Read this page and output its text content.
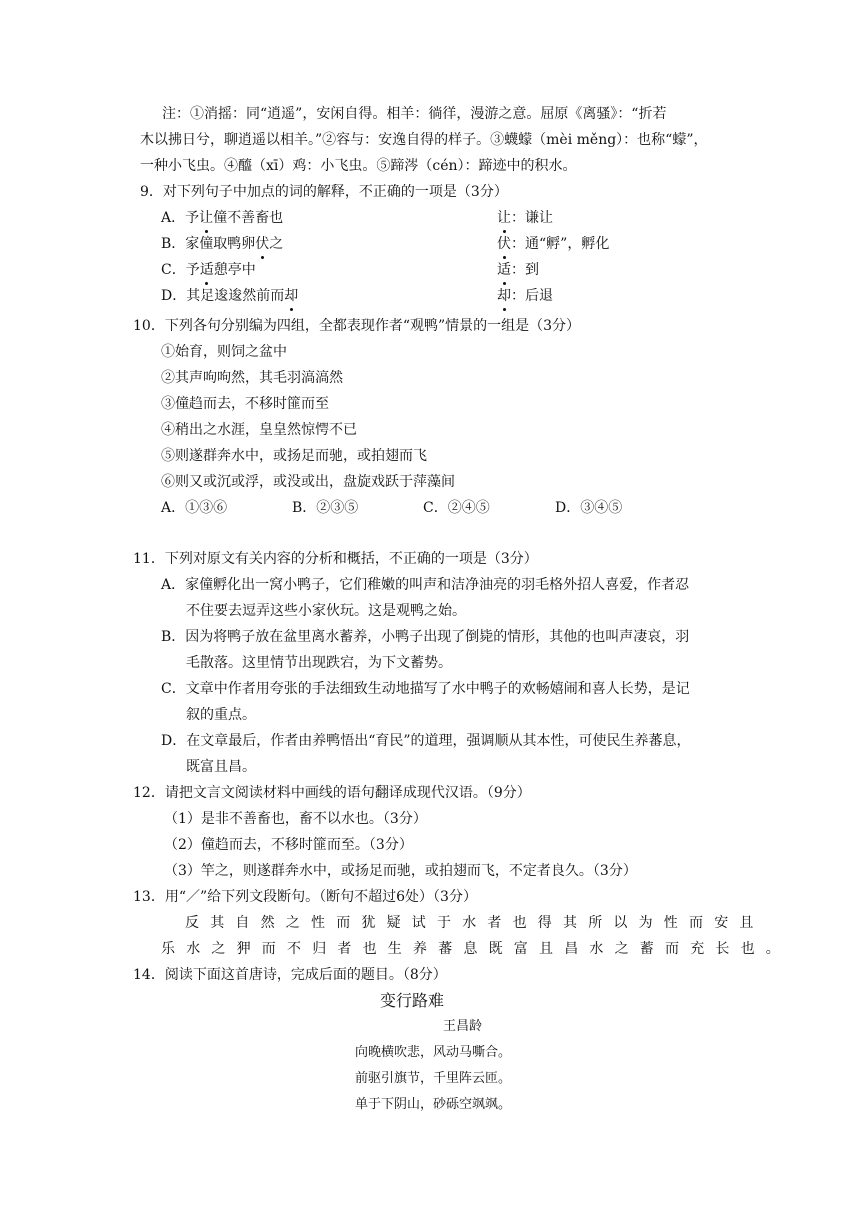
注：①消摇：同“逍遥”，安闲自得。相羊：徜徉，漫游之意。屈原《离骚》：“折若
木以拂日兮，聊逍遥以相羊。”②容与：安逸自得的样子。③蠛蠓（mèi měng）：也称“蠓”，
一种小飞虫。④醯（xī）鸡：小飞虫。⑤蹄涔（cén）：蹄迹中的积水。
9．对下列句子中加点的词的解释，不正确的一项是（3分）
A．予让僮不善畜也	让：谦让
B．家僮取鸭卵伏之	伏：通“孵”，孵化
C．予适憩亭中	适：到
D．其足逡逡然前而却	却：后退
10．下列各句分别编为四组，全都表现作者“观鸭”情景的一组是（3分）
①始育，则饲之盆中
②其声呴呴然，其毛羽滈滈然
③僮趋而去，不移时篚而至
④稍出之水涯，皇皇然惊愕不已
⑤则遂群奔水中，或扬足而驰，或拍翅而飞
⑥则又或沉或浮，或没或出，盘旋戏跃于萍藻间
A．①③⑥	B．②③⑤	C．②④⑤	D．③④⑤
11．下列对原文有关内容的分析和概括，不正确的一项是（3分）
A．家僮孵化出一窝小鸭子，它们稚嫩的叫声和洁净油亮的羽毛格外招人喜爱，作者忍
不住要去逗弄这些小家伙玩。这是观鸭之始。
B．因为将鸭子放在盆里离水蓄养，小鸭子出现了倒毙的情形，其他的也叫声凄哀，羽
毛散落。这里情节出现跌宕，为下文蓄势。
C．文章中作者用夸张的手法细致生动地描写了水中鸭子的欢畅嬉闹和喜人长势，是记
叙的重点。
D．在文章最后，作者由养鸭悟出“育民”的道理，强调顺从其本性，可使民生养蕃息，
既富且昌。
12．请把文言文阅读材料中画线的语句翻译成现代汉语。（9分）
（1）是非不善畜也，畜不以水也。（3分）
（2）僮趋而去，不移时篚而至。（3分）
（3）竿之，则遂群奔水中，或扬足而驰，或拍翅而飞，不定者良久。（3分）
13．用“／”给下列文段断句。（断句不超过6处）（3分）
反其自然之性而犹疑试于水者也得其所以为性而安且
乐水之狎而不归者也生养蕃息既富且昌水之蓄而充长也。
14．阅读下面这首唐诗，完成后面的题目。（8分）
变行路难
王昌龄
向晚横吹悲，风动马嘶合。
前驱引旗节，千里阵云匝。
单于下阴山，砂砾空飒飒。
